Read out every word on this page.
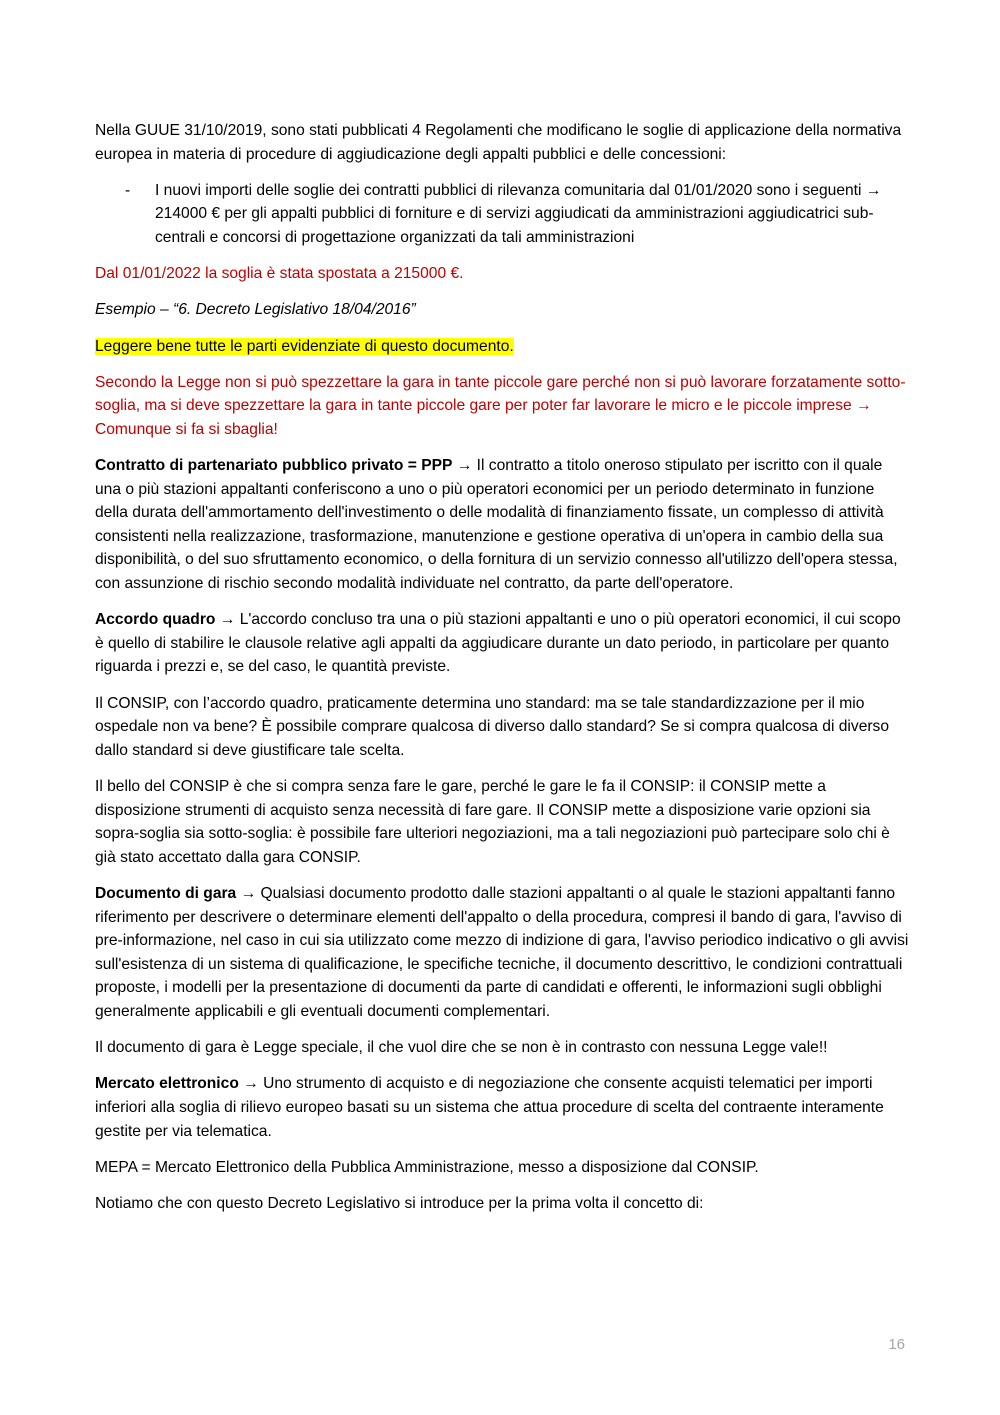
Nella GUUE 31/10/2019, sono stati pubblicati 4 Regolamenti che modificano le soglie di applicazione della normativa europea in materia di procedure di aggiudicazione degli appalti pubblici e delle concessioni:

-	I nuovi importi delle soglie dei contratti pubblici di rilevanza comunitaria dal 01/01/2020 sono i seguenti → 214000 € per gli appalti pubblici di forniture e di servizi aggiudicati da amministrazioni aggiudicatrici sub-centrali e concorsi di progettazione organizzati da tali amministrazioni

Dal 01/01/2022 la soglia è stata spostata a 215000 €.

Esempio – “6. Decreto Legislativo 18/04/2016”

Leggere bene tutte le parti evidenziate di questo documento.

Secondo la Legge non si può spezzettare la gara in tante piccole gare perché non si può lavorare forzatamente sotto-soglia, ma si deve spezzettare la gara in tante piccole gare per poter far lavorare le micro e le piccole imprese → Comunque si fa si sbaglia!

Contratto di partenariato pubblico privato = PPP → Il contratto a titolo oneroso stipulato per iscritto con il quale una o più stazioni appaltanti conferiscono a uno o più operatori economici per un periodo determinato in funzione della durata dell'ammortamento dell'investimento o delle modalità di finanziamento fissate, un complesso di attività consistenti nella realizzazione, trasformazione, manutenzione e gestione operativa di un'opera in cambio della sua disponibilità, o del suo sfruttamento economico, o della fornitura di un servizio connesso all'utilizzo dell'opera stessa, con assunzione di rischio secondo modalità individuate nel contratto, da parte dell'operatore.

Accordo quadro → L'accordo concluso tra una o più stazioni appaltanti e uno o più operatori economici, il cui scopo è quello di stabilire le clausole relative agli appalti da aggiudicare durante un dato periodo, in particolare per quanto riguarda i prezzi e, se del caso, le quantità previste.

Il CONSIP, con l’accordo quadro, praticamente determina uno standard: ma se tale standardizzazione per il mio ospedale non va bene? È possibile comprare qualcosa di diverso dallo standard? Se si compra qualcosa di diverso dallo standard si deve giustificare tale scelta.

Il bello del CONSIP è che si compra senza fare le gare, perché le gare le fa il CONSIP: il CONSIP mette a disposizione strumenti di acquisto senza necessità di fare gare. Il CONSIP mette a disposizione varie opzioni sia sopra-soglia sia sotto-soglia: è possibile fare ulteriori negoziazioni, ma a tali negoziazioni può partecipare solo chi è già stato accettato dalla gara CONSIP.

Documento di gara → Qualsiasi documento prodotto dalle stazioni appaltanti o al quale le stazioni appaltanti fanno riferimento per descrivere o determinare elementi dell'appalto o della procedura, compresi il bando di gara, l'avviso di pre-informazione, nel caso in cui sia utilizzato come mezzo di indizione di gara, l'avviso periodico indicativo o gli avvisi sull'esistenza di un sistema di qualificazione, le specifiche tecniche, il documento descrittivo, le condizioni contrattuali proposte, i modelli per la presentazione di documenti da parte di candidati e offerenti, le informazioni sugli obblighi generalmente applicabili e gli eventuali documenti complementari.

Il documento di gara è Legge speciale, il che vuol dire che se non è in contrasto con nessuna Legge vale!!

Mercato elettronico → Uno strumento di acquisto e di negoziazione che consente acquisti telematici per importi inferiori alla soglia di rilievo europeo basati su un sistema che attua procedure di scelta del contraente interamente gestite per via telematica.

MEPA = Mercato Elettronico della Pubblica Amministrazione, messo a disposizione dal CONSIP.

Notiamo che con questo Decreto Legislativo si introduce per la prima volta il concetto di:

16
